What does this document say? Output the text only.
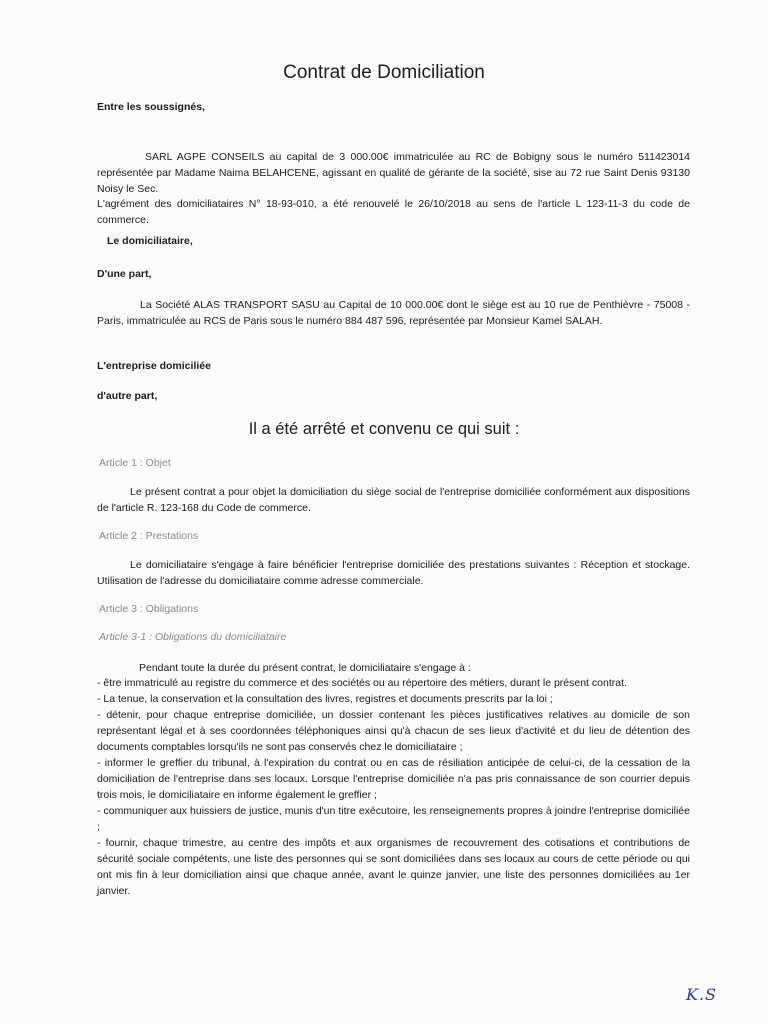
Contrat de Domiciliation

Entre les soussignés,

SARL AGPE CONSEILS au capital de 3 000.00€ immatriculée au RC de Bobigny sous le numéro 511423014 représentée par Madame Naima BELAHCENE, agissant en qualité de gérante de la société, sise au 72 rue Saint Denis 93130 Noisy le Sec.

L'agrément des domiciliataires N° 18-93-010, a été renouvelé le 26/10/2018 au sens de l'article L 123-11-3 du code de commerce.

Le domiciliataire,

D'une part,

La Société ALAS TRANSPORT SASU au Capital de 10 000.00€ dont le siège est au 10 rue de Penthièvre - 75008 - Paris, immatriculée au RCS de Paris sous le numéro 884 487 596, représentée par Monsieur Kamel SALAH.

L'entreprise domiciliée

d'autre part,

Il a été arrêté et convenu ce qui suit :

Article 1 : Objet

Le présent contrat a pour objet la domiciliation du siège social de l'entreprise domiciliée conformément aux dispositions de l'article R. 123-168 du Code de commerce.

Article 2 : Prestations

Le domiciliataire s'engage à faire bénéficier l'entreprise domiciliée des prestations suivantes : Réception et stockage. Utilisation de l'adresse du domiciliataire comme adresse commerciale.

Article 3 : Obligations

Article 3-1 : Obligations du domiciliataire

Pendant toute la durée du présent contrat, le domiciliataire s'engage à :

- être immatriculé au registre du commerce et des sociétés ou au répertoire des métiers, durant le présent contrat.
- La tenue, la conservation et la consultation des livres, registres et documents prescrits par la loi ;
- détenir, pour chaque entreprise domiciliée, un dossier contenant les pièces justificatives relatives au domicile de son représentant légal et à ses coordonnées téléphoniques ainsi qu'à chacun de ses lieux d'activité et du lieu de détention des documents comptables lorsqu'ils ne sont pas conservés chez le domiciliataire ;
- informer le greffier du tribunal, à l'expiration du contrat ou en cas de résiliation anticipée de celui-ci, de la cessation de la domiciliation de l'entreprise dans ses locaux. Lorsque l'entreprise domiciliée n'a pas pris connaissance de son courrier depuis trois mois, le domiciliataire en informe également le greffier ;
- communiquer aux huissiers de justice, munis d'un titre exécutoire, les renseignements propres à joindre l'entreprise domiciliée ;
- fournir, chaque trimestre, au centre des impôts et aux organismes de recouvrement des cotisations et contributions de sécurité sociale compétents, une liste des personnes qui se sont domiciliées dans ses locaux au cours de cette période ou qui ont mis fin à leur domiciliation ainsi que chaque année, avant le quinze janvier, une liste des personnes domiciliées au 1er janvier.
K.S
